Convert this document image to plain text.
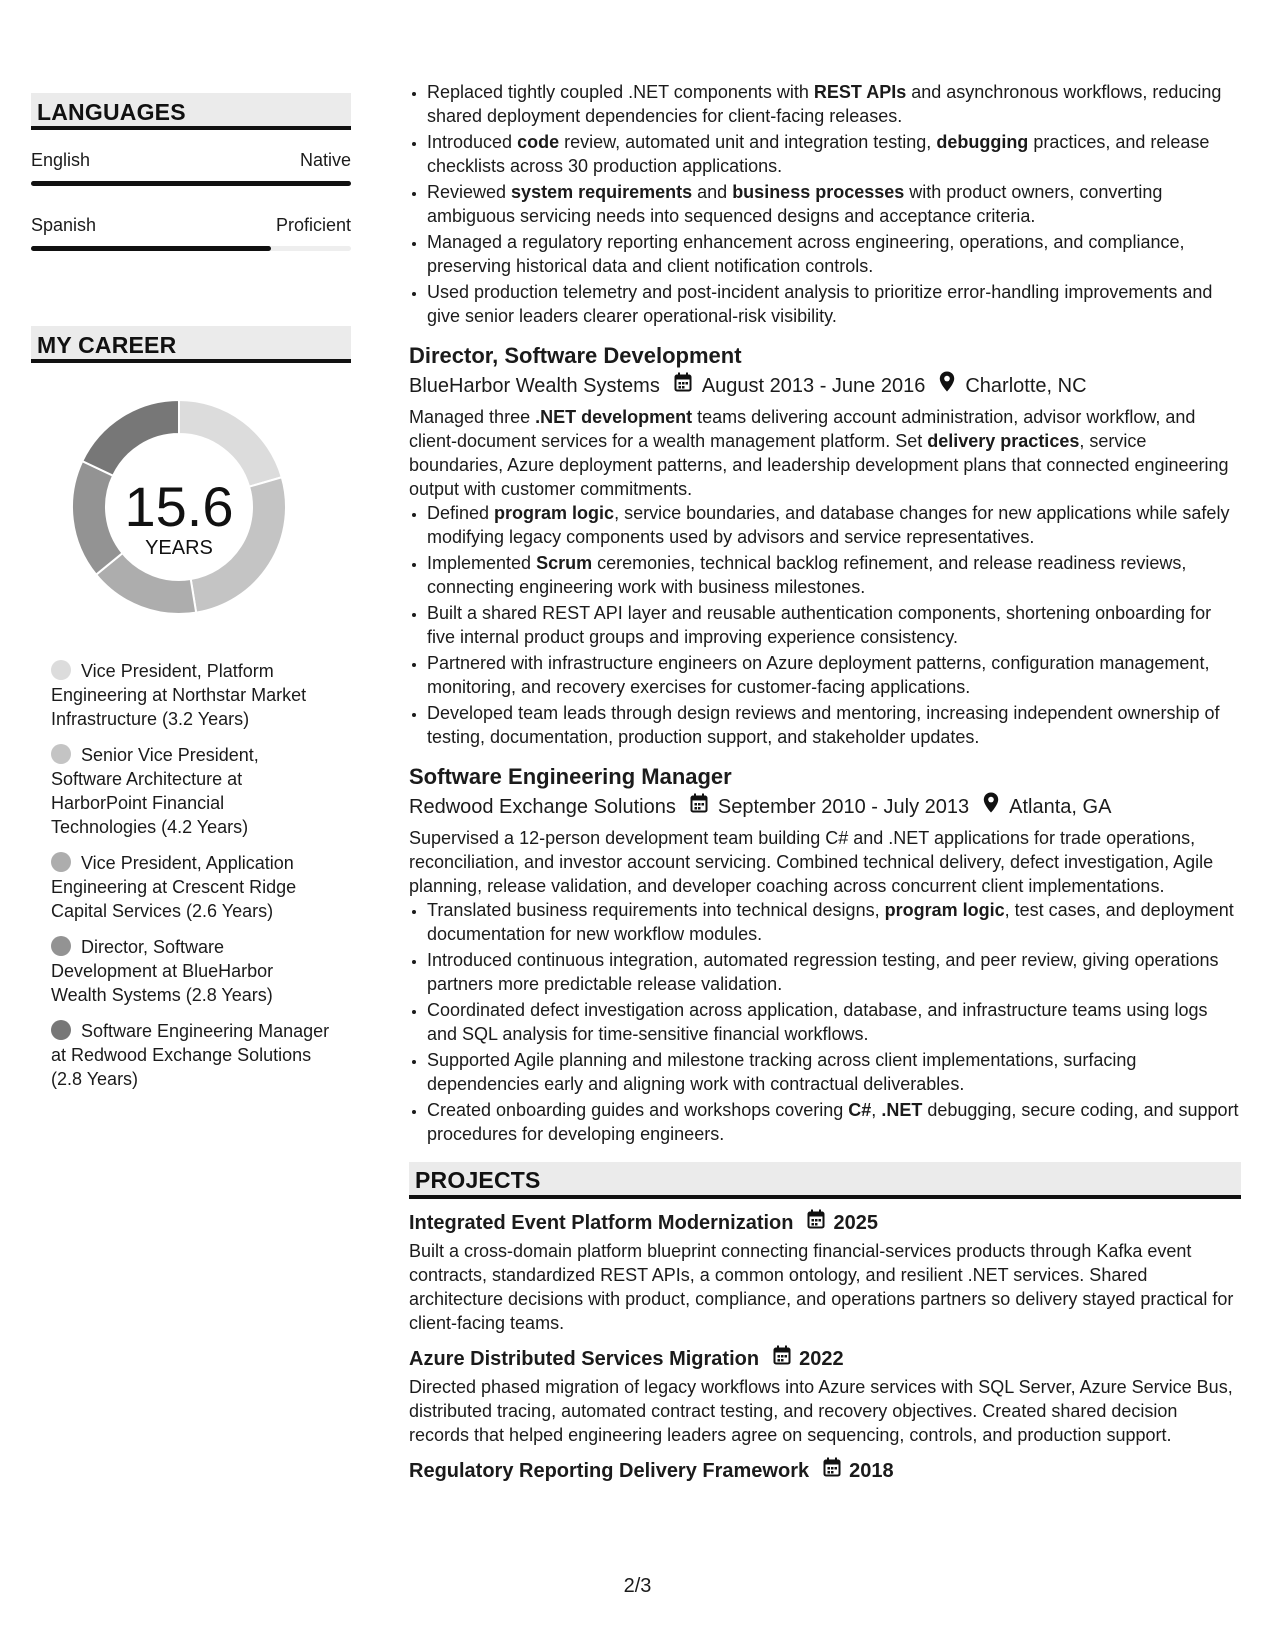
LANGUAGES
English	Native
Spanish	Proficient
MY CAREER
15.6
YEARS
Vice President, Platform Engineering at Northstar Market Infrastructure (3.2 Years)
Senior Vice President, Software Architecture at HarborPoint Financial Technologies (4.2 Years)
Vice President, Application Engineering at Crescent Ridge Capital Services (2.6 Years)
Director, Software Development at BlueHarbor Wealth Systems (2.8 Years)
Software Engineering Manager at Redwood Exchange Solutions (2.8 Years)
• Replaced tightly coupled .NET components with REST APIs and asynchronous workflows, reducing shared deployment dependencies for client-facing releases.
• Introduced code review, automated unit and integration testing, debugging practices, and release checklists across 30 production applications.
• Reviewed system requirements and business processes with product owners, converting ambiguous servicing needs into sequenced designs and acceptance criteria.
• Managed a regulatory reporting enhancement across engineering, operations, and compliance, preserving historical data and client notification controls.
• Used production telemetry and post-incident analysis to prioritize error-handling improvements and give senior leaders clearer operational-risk visibility.
Director, Software Development
BlueHarbor Wealth Systems August 2013 - June 2016 Charlotte, NC
Managed three .NET development teams delivering account administration, advisor workflow, and client-document services for a wealth management platform. Set delivery practices, service boundaries, Azure deployment patterns, and leadership development plans that connected engineering output with customer commitments.
• Defined program logic, service boundaries, and database changes for new applications while safely modifying legacy components used by advisors and service representatives.
• Implemented Scrum ceremonies, technical backlog refinement, and release readiness reviews, connecting engineering work with business milestones.
• Built a shared REST API layer and reusable authentication components, shortening onboarding for five internal product groups and improving experience consistency.
• Partnered with infrastructure engineers on Azure deployment patterns, configuration management, monitoring, and recovery exercises for customer-facing applications.
• Developed team leads through design reviews and mentoring, increasing independent ownership of testing, documentation, production support, and stakeholder updates.
Software Engineering Manager
Redwood Exchange Solutions September 2010 - July 2013 Atlanta, GA
Supervised a 12-person development team building C# and .NET applications for trade operations, reconciliation, and investor account servicing. Combined technical delivery, defect investigation, Agile planning, release validation, and developer coaching across concurrent client implementations.
• Translated business requirements into technical designs, program logic, test cases, and deployment documentation for new workflow modules.
• Introduced continuous integration, automated regression testing, and peer review, giving operations partners more predictable release validation.
• Coordinated defect investigation across application, database, and infrastructure teams using logs and SQL analysis for time-sensitive financial workflows.
• Supported Agile planning and milestone tracking across client implementations, surfacing dependencies early and aligning work with contractual deliverables.
• Created onboarding guides and workshops covering C#, .NET debugging, secure coding, and support procedures for developing engineers.
PROJECTS
Integrated Event Platform Modernization 2025
Built a cross-domain platform blueprint connecting financial-services products through Kafka event contracts, standardized REST APIs, a common ontology, and resilient .NET services. Shared architecture decisions with product, compliance, and operations partners so delivery stayed practical for client-facing teams.
Azure Distributed Services Migration 2022
Directed phased migration of legacy workflows into Azure services with SQL Server, Azure Service Bus, distributed tracing, automated contract testing, and recovery objectives. Created shared decision records that helped engineering leaders agree on sequencing, controls, and production support.
Regulatory Reporting Delivery Framework 2018
2/3
